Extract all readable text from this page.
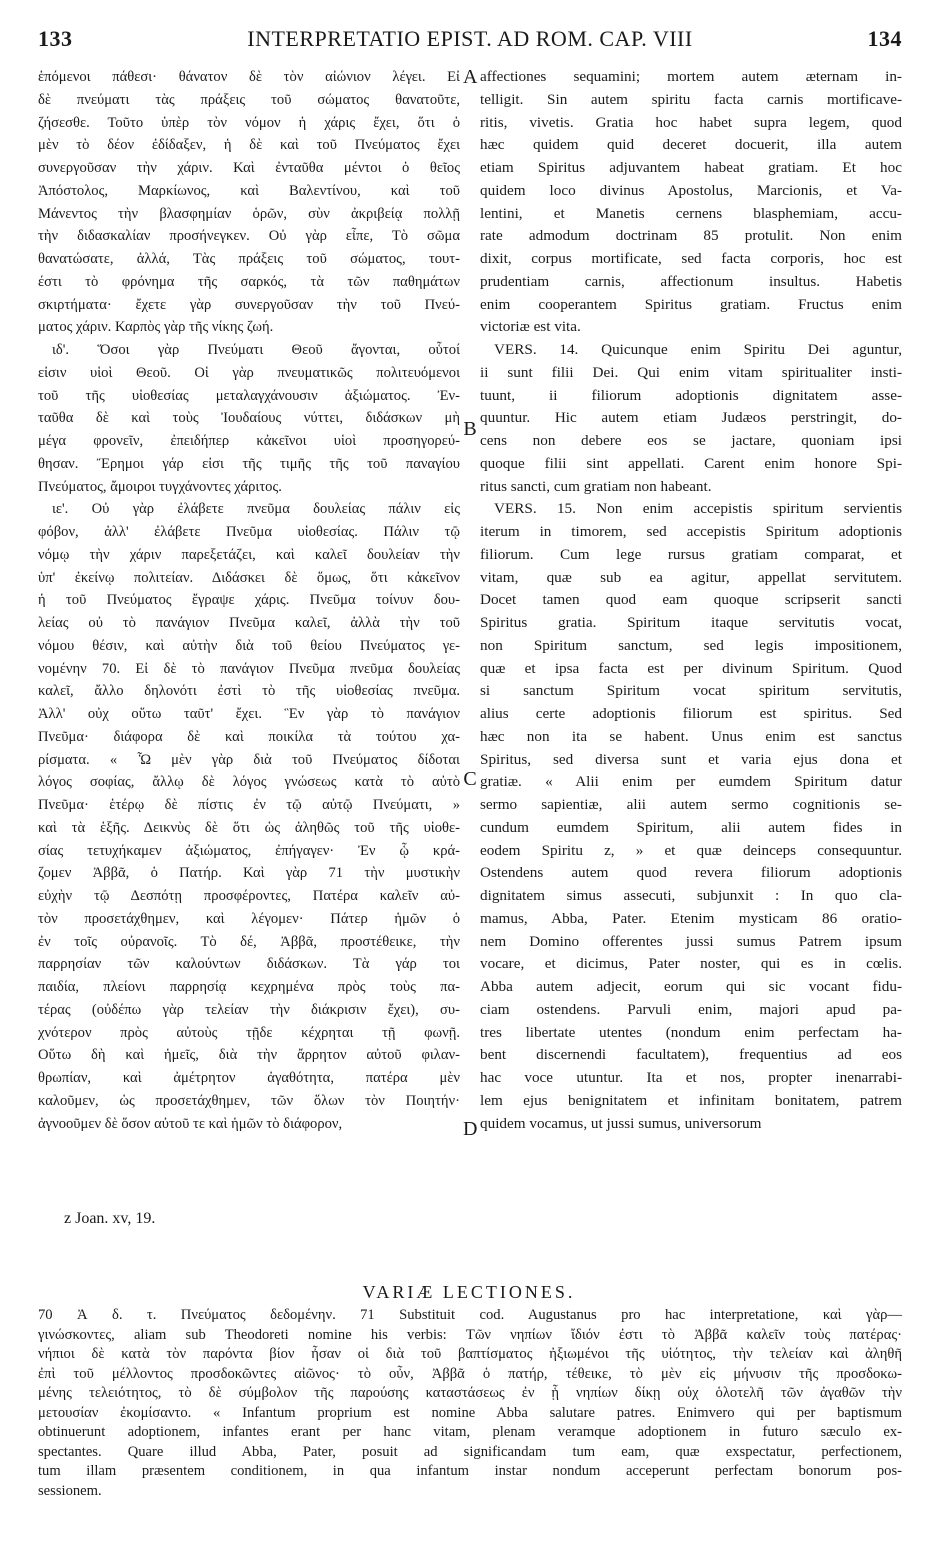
133	INTERPRETATIO EPIST. AD ROM. CAP. VIII	134
ἑπόμενοι πάθεσι· θάνατον δὲ τὸν αἰώνιον λέγει. Εἰ
δὲ πνεύματι τὰς πράξεις τοῦ σώματος θανατοῦτε,
ζήσεσθε. Τοῦτο ὑπὲρ τὸν νόμον ἡ χάρις ἔχει, ὅτι ὁ
μὲν τὸ δέον ἐδίδαξεν, ἡ δὲ καὶ τοῦ Πνεύματος ἔχει
συνεργοῦσαν τὴν χάριν. Καὶ ἐνταῦθα μέντοι ὁ θεῖος
Ἀπόστολος, Μαρκίωνος, καὶ Βαλεντίνου, καὶ τοῦ
Μάνεντος τὴν βλασφημίαν ὁρῶν, σὺν ἀκριβείᾳ πολλῇ
τὴν διδασκαλίαν προσήνεγκεν. Οὐ γὰρ εἶπε, Τὸ σῶμα
θανατώσατε, ἀλλά, Τὰς πράξεις τοῦ σώματος, τουτ-
έστι τὸ φρόνημα τῆς σαρκός, τὰ τῶν παθημάτων
σκιρτήματα· ἔχετε γὰρ συνεργοῦσαν τὴν τοῦ Πνεύ-
ματος χάριν. Καρπὸς γὰρ τῆς νίκης ζωή.
ιδ'. Ὅσοι γὰρ Πνεύματι Θεοῦ ἄγονται, οὗτοί
εἰσιν υἱοὶ Θεοῦ. Οἱ γὰρ πνευματικῶς πολιτευόμενοι
τοῦ τῆς υἱοθεσίας μεταλαγχάνουσιν ἀξιώματος. Ἐν-
ταῦθα δὲ καὶ τοὺς Ἰουδαίους νύττει, διδάσκων μὴ
μέγα φρονεῖν, ἐπειδήπερ κἀκεῖνοι υἱοὶ προσηγορεύ-
θησαν. Ἔρημοι γάρ εἰσι τῆς τιμῆς τῆς τοῦ παναγίου
Πνεύματος, ἄμοιροι τυγχάνοντες χάριτος.
ιε'. Οὐ γὰρ ἐλάβετε πνεῦμα δουλείας πάλιν εἰς
φόβον, ἀλλ' ἐλάβετε Πνεῦμα υἱοθεσίας. Πάλιν τῷ
νόμῳ τὴν χάριν παρεξετάζει, καὶ καλεῖ δουλείαν τὴν
ὑπ' ἐκείνῳ πολιτείαν. Διδάσκει δὲ ὅμως, ὅτι κἀκεῖνον
ἡ τοῦ Πνεύματος ἔγραψε χάρις. Πνεῦμα τοίνυν δου-
λείας οὐ τὸ πανάγιον Πνεῦμα καλεῖ, ἀλλὰ τὴν τοῦ
νόμου θέσιν, καὶ αὐτὴν διὰ τοῦ θείου Πνεύματος γε-
νομένην 70. Εἰ δὲ τὸ πανάγιον Πνεῦμα πνεῦμα δουλείας
καλεῖ, ἄλλο δηλονότι ἐστὶ τὸ τῆς υἱοθεσίας πνεῦμα.
Ἀλλ' οὐχ οὕτω ταῦτ' ἔχει. Ἓν γὰρ τὸ πανάγιον
Πνεῦμα· διάφορα δὲ καὶ ποικίλα τὰ τούτου χα-
ρίσματα. « Ὧ μὲν γὰρ διὰ τοῦ Πνεύματος δίδοται
λόγος σοφίας, ἄλλῳ δὲ λόγος γνώσεως κατὰ τὸ αὐτὸ
Πνεῦμα· ἑτέρῳ δὲ πίστις ἐν τῷ αὐτῷ Πνεύματι, »
καὶ τὰ ἑξῆς. Δεικνὺς δὲ ὅτι ὡς ἀληθῶς τοῦ τῆς υἱοθε-
σίας τετυχήκαμεν ἀξιώματος, ἐπήγαγεν· Ἐν ᾧ κρά-
ζομεν Ἀββᾶ, ὁ Πατήρ. Καὶ γὰρ 71 τὴν μυστικὴν
εὐχὴν τῷ Δεσπότῃ προσφέροντες, Πατέρα καλεῖν αὐ-
τὸν προσετάχθημεν, καὶ λέγομεν· Πάτερ ἡμῶν ὁ
ἐν τοῖς οὐρανοῖς. Τὸ δέ, Ἀββᾶ, προστέθεικε, τὴν
παρρησίαν τῶν καλούντων διδάσκων. Τὰ γάρ τοι
παιδία, πλείονι παρρησίᾳ κεχρημένα πρὸς τοὺς πα-
τέρας (οὐδέπω γὰρ τελείαν τὴν διάκρισιν ἔχει), συ-
χνότερον πρὸς αὐτοὺς τῇδε κέχρηται τῇ φωνῇ.
Οὕτω δὴ καὶ ἡμεῖς, διὰ τὴν ἄρρητον αὐτοῦ φιλαν-
θρωπίαν, καὶ ἀμέτρητον ἀγαθότητα, πατέρα μὲν
καλοῦμεν, ὡς προσετάχθημεν, τῶν ὅλων τὸν Ποιητήν·
ἀγνοοῦμεν δὲ ὅσον αὐτοῦ τε καὶ ἡμῶν τὸ διάφορον,
affectiones sequamini; mortem autem æternam in-
telligit. Sin autem spiritu facta carnis mortificave-
ritis, vivetis. Gratia hoc habet supra legem, quod
hæc quidem quid deceret docuerit, illa autem
etiam Spiritus adjuvantem habeat gratiam. Et hoc
quidem loco divinus Apostolus, Marcionis, et Va-
lentini, et Manetis cernens blasphemiam, accu-
rate admodum doctrinam 85 protulit. Non enim
dixit, corpus mortificate, sed facta corporis, hoc est
prudentiam carnis, affectionum insultus. Habetis
enim cooperantem Spiritus gratiam. Fructus enim
victoriæ est vita.
VERS. 14. Quicunque enim Spiritu Dei aguntur,
ii sunt filii Dei. Qui enim vitam spiritualiter insti-
tuunt, ii filiorum adoptionis dignitatem asse-
quuntur. Hic autem etiam Judæos perstringit, do-
cens non debere eos se jactare, quoniam ipsi
quoque filii sint appellati. Carent enim honore Spi-
ritus sancti, cum gratiam non habeant.
VERS. 15. Non enim accepistis spiritum servientis
iterum in timorem, sed accepistis Spiritum adoptionis
filiorum. Cum lege rursus gratiam comparat, et
vitam, quæ sub ea agitur, appellat servitutem.
Docet tamen quod eam quoque scripserit sancti
Spiritus gratia. Spiritum itaque servitutis vocat,
non Spiritum sanctum, sed legis impositionem,
quæ et ipsa facta est per divinum Spiritum. Quod
si sanctum Spiritum vocat spiritum servitutis,
alius certe adoptionis filiorum est spiritus. Sed
hæc non ita se habent. Unus enim est sanctus
Spiritus, sed diversa sunt et varia ejus dona et
gratiæ. « Alii enim per eumdem Spiritum datur
sermo sapientiæ, alii autem sermo cognitionis se-
cundum eumdem Spiritum, alii autem fides in
eodem Spiritu z, » et quæ deinceps consequuntur.
Ostendens autem quod revera filiorum adoptionis
dignitatem simus assecuti, subjunxit : In quo cla-
mamus, Abba, Pater. Etenim mysticam 86 oratio-
nem Domino offerentes jussi sumus Patrem ipsum
vocare, et dicimus, Pater noster, qui es in cœlis.
Abba autem adjecit, eorum qui sic vocant fidu-
ciam ostendens. Parvuli enim, majori apud pa-
tres libertate utentes (nondum enim perfectam ha-
bent discernendi facultatem), frequentius ad eos
hac voce utuntur. Ita et nos, propter inenarrabi-
lem ejus benignitatem et infinitam bonitatem, patrem
quidem vocamus, ut jussi sumus, universorum
A
B
C
D
z Joan. xv, 19.
VARIÆ LECTIONES.
70 Ἀ δ. τ. Πνεύματος δεδομένην. 71 Substituit cod. Augustanus pro hac interpretatione, καὶ γὰρ—
γινώσκοντες, aliam sub Theodoreti nomine his verbis: Τῶν νηπίων ἴδιόν ἐστι τὸ Ἀββᾶ καλεῖν τοὺς πατέρας·
νήπιοι δὲ κατὰ τὸν παρόντα βίον ἦσαν οἱ διὰ τοῦ βαπτίσματος ἠξιωμένοι τῆς υἱότητος, τὴν τελείαν καὶ ἀληθῆ
ἐπὶ τοῦ μέλλοντος προσδοκῶντες αἰῶνος· τὸ οὖν, Ἀββᾶ ὁ πατήρ, τέθεικε, τὸ μὲν εἰς μήνυσιν τῆς προσδοκω-
μένης τελειότητος, τὸ δὲ σύμβολον τῆς παρούσης καταστάσεως ἐν ᾗ νηπίων δίκῃ οὐχ ὁλοτελῆ τῶν ἀγαθῶν τὴν
μετουσίαν ἐκομίσαντο. « Infantum proprium est nomine Abba salutare patres. Enimvero qui per baptismum
obtinuerunt adoptionem, infantes erant per hanc vitam, plenam veramque adoptionem in futuro sæculo ex-
spectantes. Quare illud Abba, Pater, posuit ad significandam tum eam, quæ exspectatur, perfectionem,
tum illam præsentem conditionem, in qua infantum instar nondum acceperunt perfectam bonorum pos-
sessionem.
